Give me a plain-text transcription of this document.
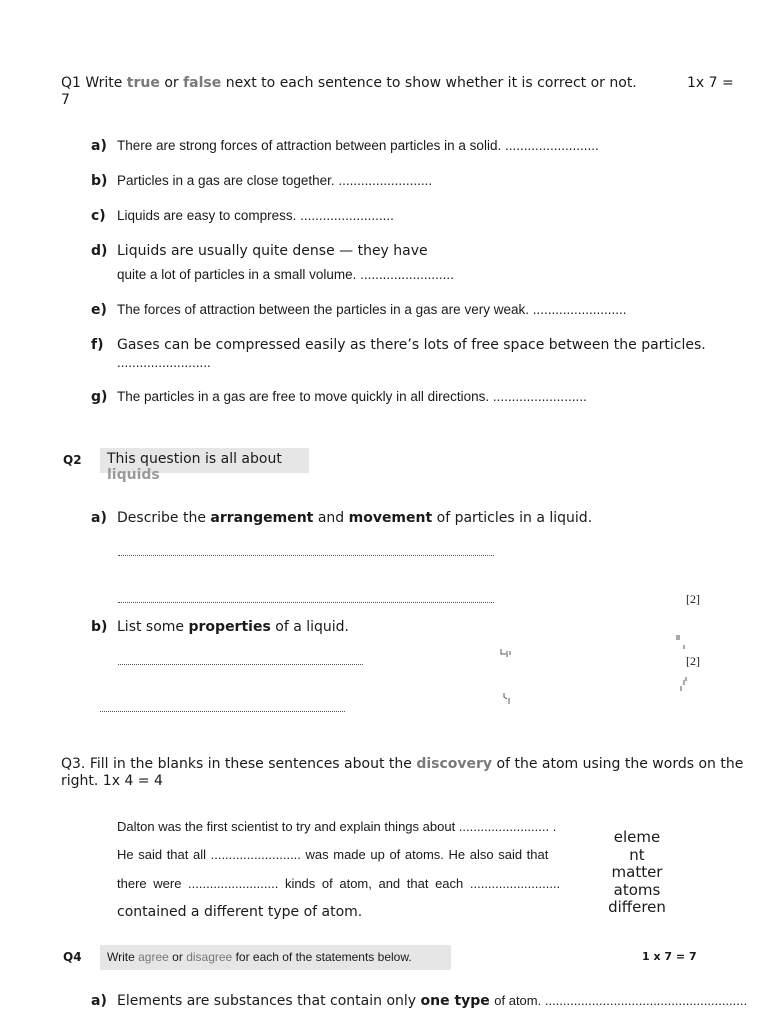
Q1 Write true or false next to each sentence to show whether it is correct or not.	1x 7 =
7
a) There are strong forces of attraction between particles in a solid. .........................
b) Particles in a gas are close together. .........................
c) Liquids are easy to compress. .........................
d) Liquids are usually quite dense — they have
quite a lot of particles in a small volume. .........................
e) The forces of attraction between the particles in a gas are very weak. .........................
f) Gases can be compressed easily as there’s lots of free space between the particles.
.........................
g) The particles in a gas are free to move quickly in all directions. .........................
Q2 This question is all about
liquids
a) Describe the arrangement and movement of particles in a liquid.
[2]
b) List some properties of a liquid.
[2]
Q3. Fill in the blanks in these sentences about the discovery of the atom using the words on the
right. 1x 4 = 4
Dalton was the first scientist to try and explain things about ......................... .
He said that all ......................... was made up of atoms. He also said that
there were ......................... kinds of atom, and that each .........................
contained a different type of atom.
eleme
nt
matter
atoms
differen
Q4 Write agree or disagree for each of the statements below.	1 x 7 = 7
a) Elements are substances that contain only one type of atom. ........................................................
